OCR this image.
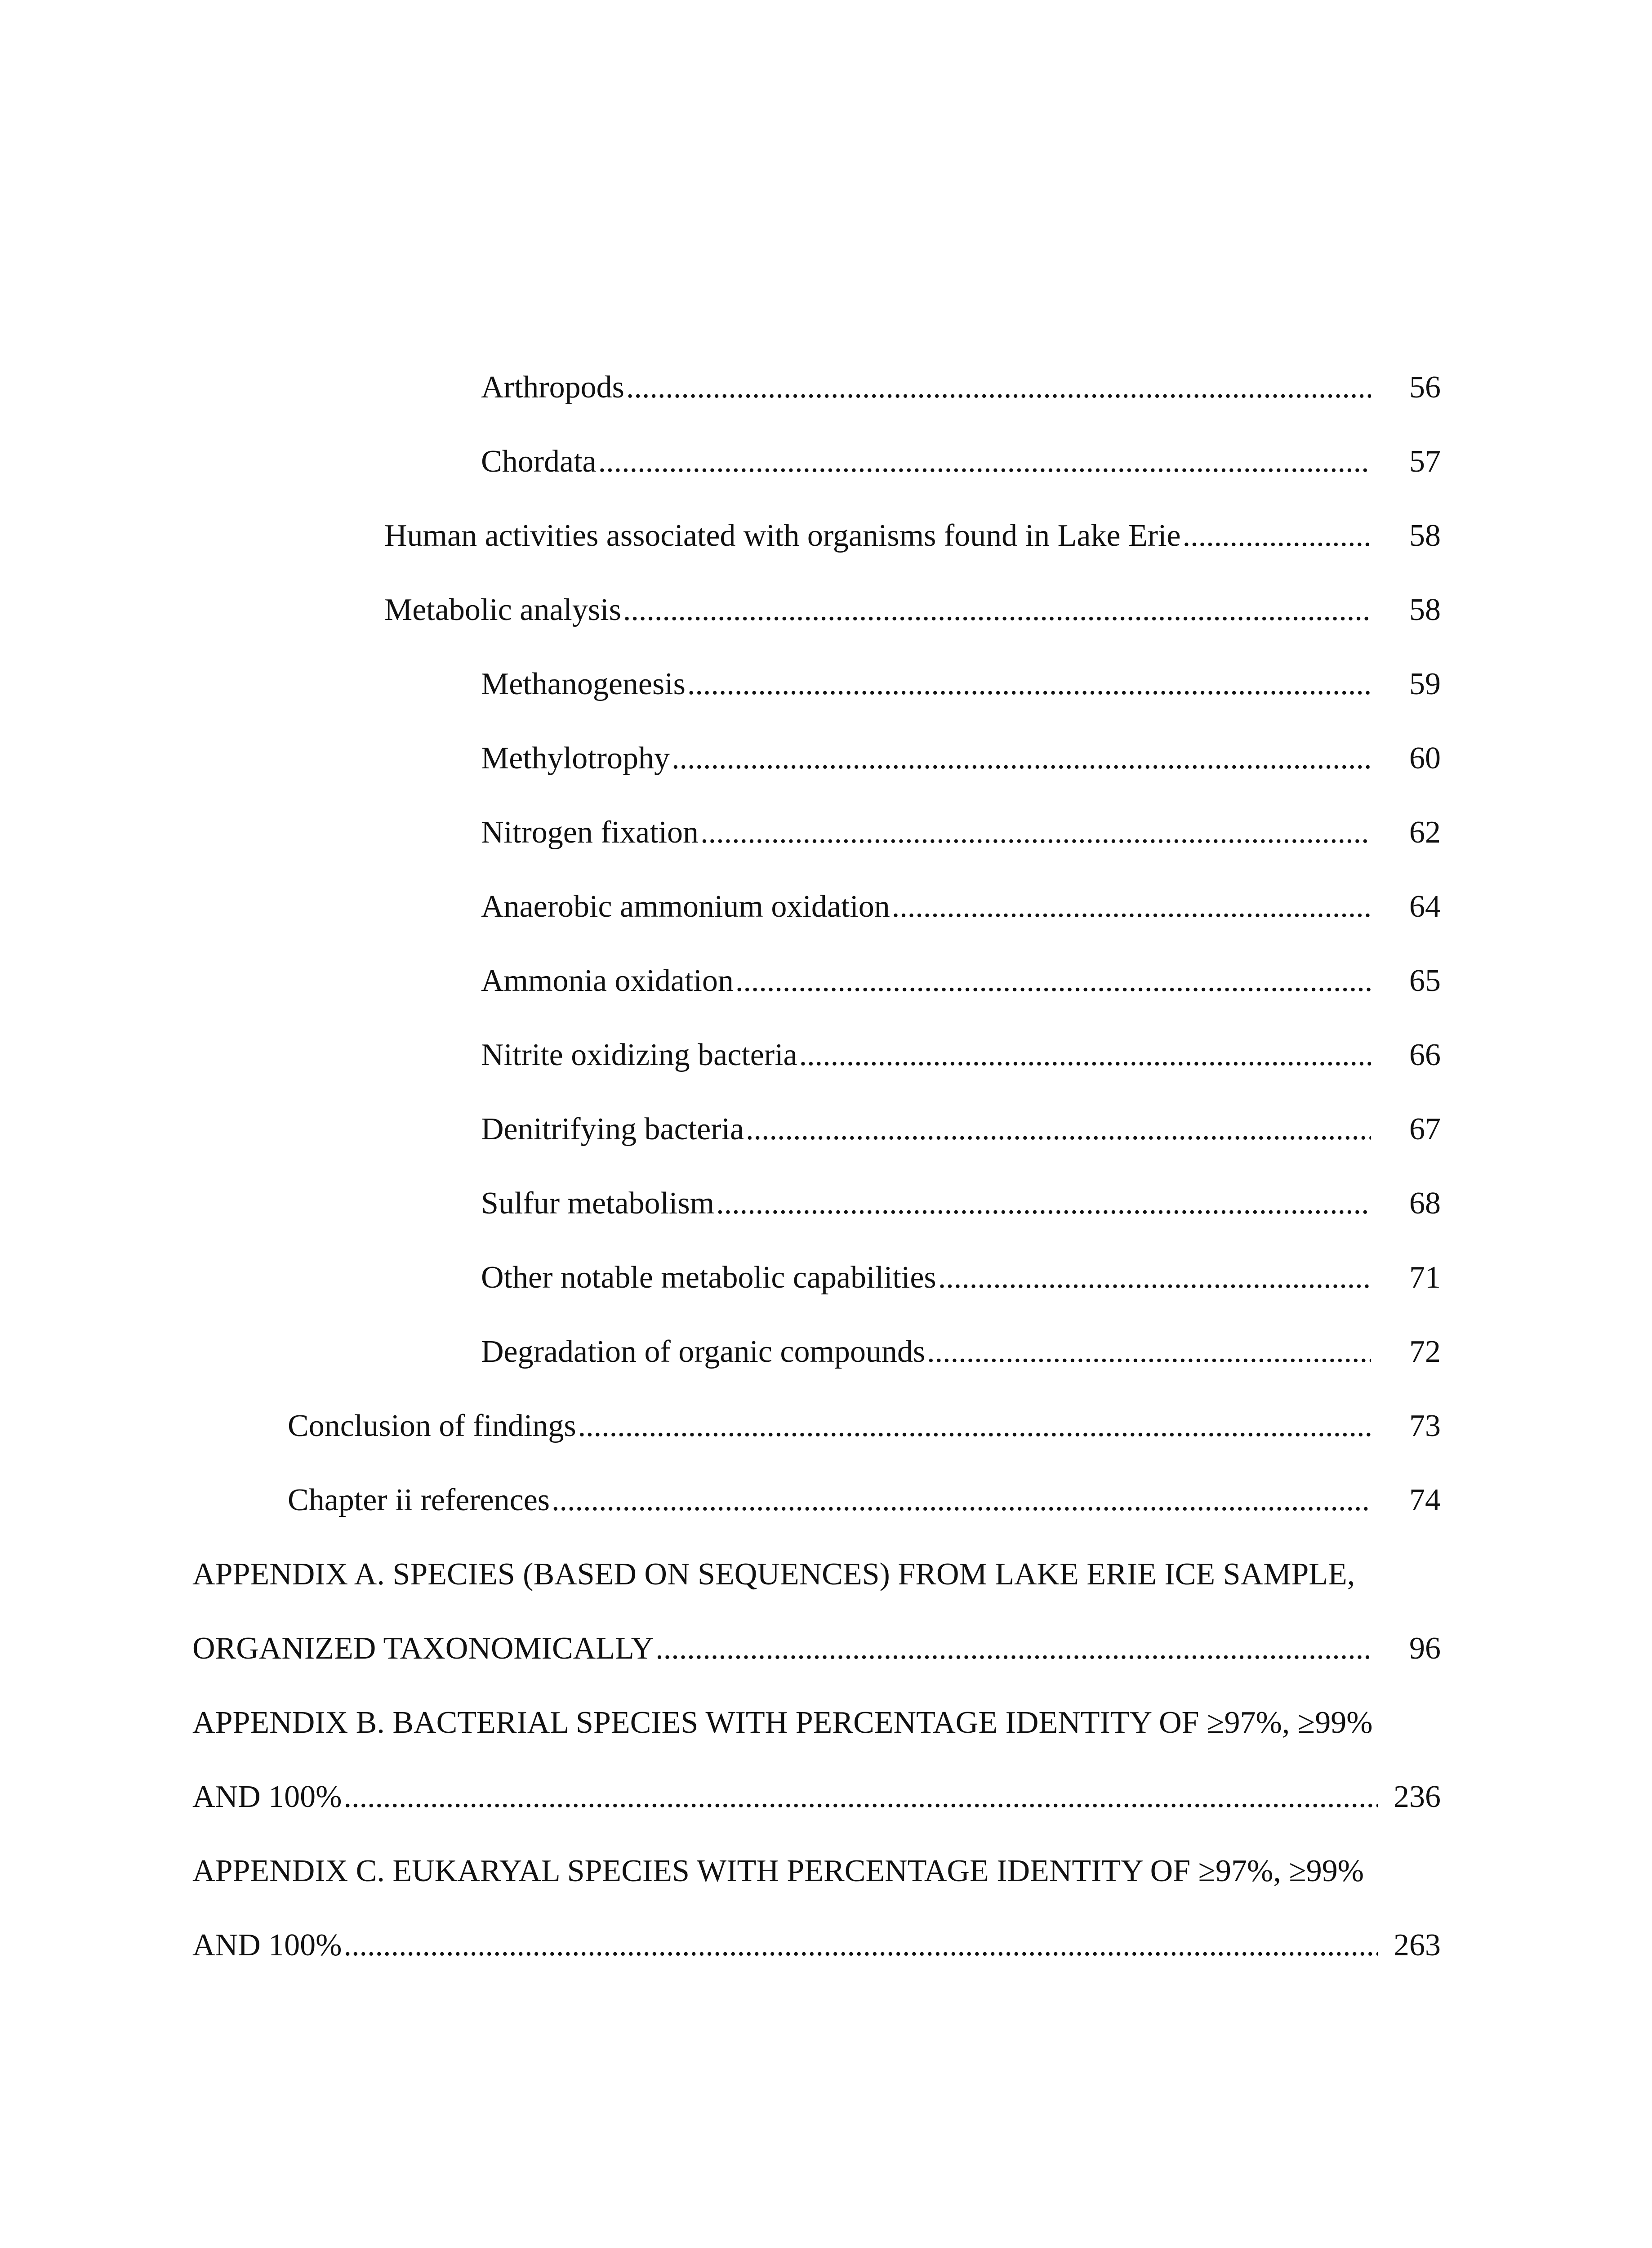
Arthropods .....	56
Chordata .....	57
Human activities associated with organisms found in Lake Erie .....	58
Metabolic analysis .....	58
Methanogenesis .....	59
Methylotrophy .....	60
Nitrogen fixation .....	62
Anaerobic ammonium oxidation .....	64
Ammonia oxidation .....	65
Nitrite oxidizing bacteria .....	66
Denitrifying bacteria .....	67
Sulfur metabolism .....	68
Other notable metabolic capabilities .....	71
Degradation of organic compounds .....	72
Conclusion of findings .....	73
Chapter ii references .....	74
APPENDIX A. SPECIES (BASED ON SEQUENCES) FROM LAKE ERIE ICE SAMPLE,
ORGANIZED TAXONOMICALLY .....	96
APPENDIX B. BACTERIAL SPECIES WITH PERCENTAGE IDENTITY OF ≥97%, ≥99%
AND 100% .....	236
APPENDIX C. EUKARYAL SPECIES WITH PERCENTAGE IDENTITY OF ≥97%, ≥99%
AND 100% .....	263
